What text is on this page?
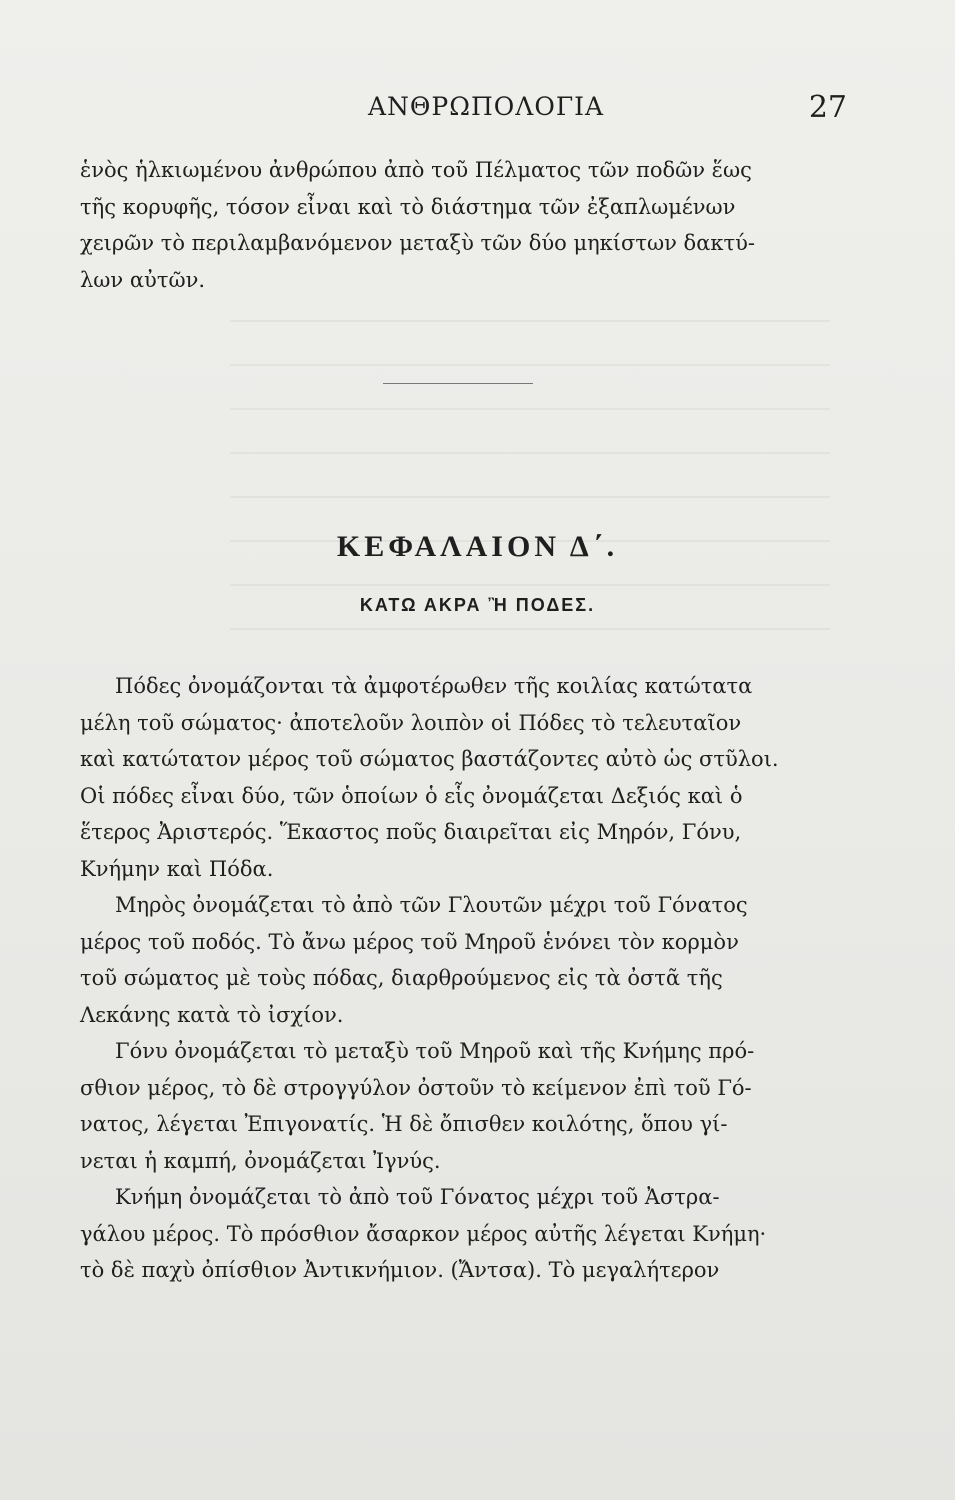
ΑΝΘΡΩΠΟΛΟΓΙΑ	27
ἑνὸς ἡλκιωμένου ἀνθρώπου ἀπὸ τοῦ Πέλματος τῶν ποδῶν ἕως
τῆς κορυφῆς, τόσον εἶναι καὶ τὸ διάστημα τῶν ἐξαπλωμένων
χειρῶν τὸ περιλαμβανόμενον μεταξὺ τῶν δύο μηκίστων δακτύ-
λων αὐτῶν.
ΚΕΦΑΛΑΙΟΝ Δ΄.
ΚΑΤΩ ΑΚΡΑ Ἢ ΠΟΔΕΣ.
Πόδες ὀνομάζονται τὰ ἀμφοτέρωθεν τῆς κοιλίας κατώτατα
μέλη τοῦ σώματος· ἀποτελοῦν λοιπὸν οἱ Πόδες τὸ τελευταῖον
καὶ κατώτατον μέρος τοῦ σώματος βαστάζοντες αὐτὸ ὡς στῦλοι.
Οἱ πόδες εἶναι δύο, τῶν ὁποίων ὁ εἷς ὀνομάζεται Δεξιός καὶ ὁ
ἕτερος Ἀριστερός. Ἕκαστος ποῦς διαιρεῖται εἰς Μηρόν, Γόνυ,
Κνήμην καὶ Πόδα.
Μηρὸς ὀνομάζεται τὸ ἀπὸ τῶν Γλουτῶν μέχρι τοῦ Γόνατος
μέρος τοῦ ποδός. Τὸ ἄνω μέρος τοῦ Μηροῦ ἑνόνει τὸν κορμὸν
τοῦ σώματος μὲ τοὺς πόδας, διαρθρούμενος εἰς τὰ ὀστᾶ τῆς
Λεκάνης κατὰ τὸ ἰσχίον.
Γόνυ ὀνομάζεται τὸ μεταξὺ τοῦ Μηροῦ καὶ τῆς Κνήμης πρό-
σθιον μέρος, τὸ δὲ στρογγύλον ὀστοῦν τὸ κείμενον ἐπὶ τοῦ Γό-
νατος, λέγεται Ἐπιγονατίς. Ἡ δὲ ὄπισθεν κοιλότης, ὅπου γί-
νεται ἡ καμπή, ὀνομάζεται Ἰγνύς.
Κνήμη ὀνομάζεται τὸ ἀπὸ τοῦ Γόνατος μέχρι τοῦ Ἀστρα-
γάλου μέρος. Τὸ πρόσθιον ἄσαρκον μέρος αὐτῆς λέγεται Κνήμη·
τὸ δὲ παχὺ ὀπίσθιον Ἀντικνήμιον. (Ἄντσα). Τὸ μεγαλήτερον
